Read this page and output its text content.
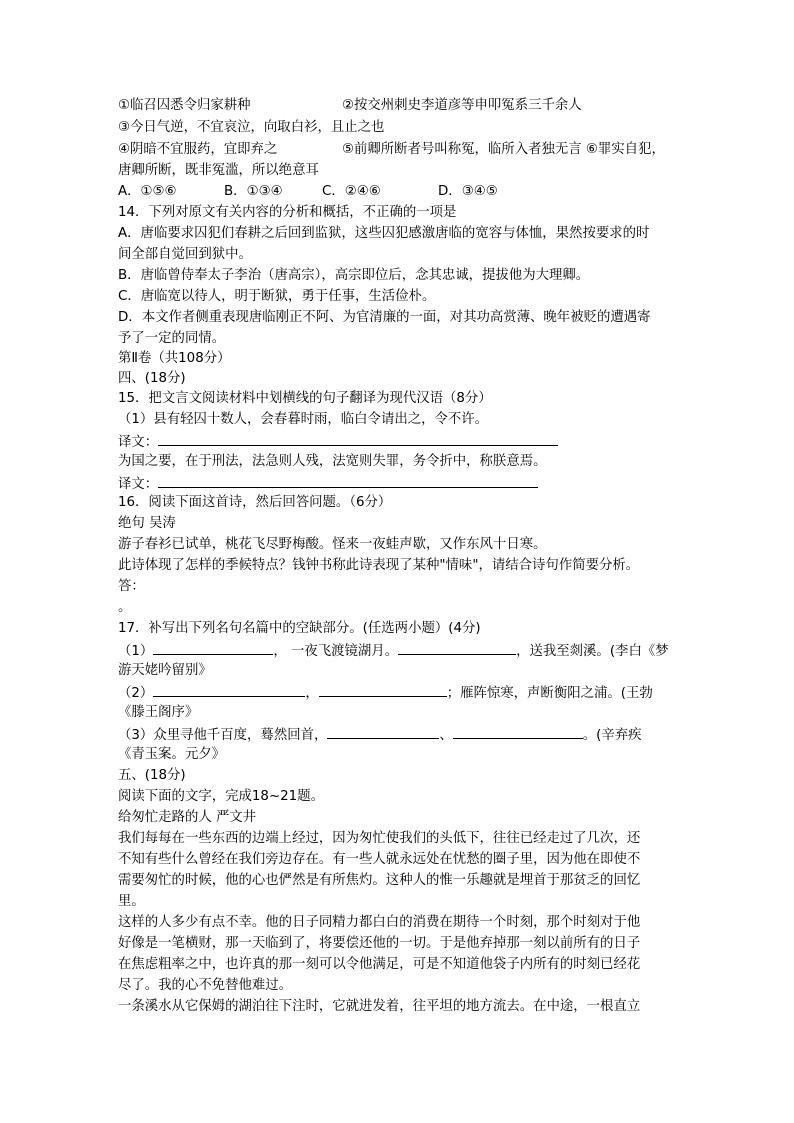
①临召囚悉令归家耕种	②按交州刺史李道彦等申叩冤系三千余人
③今日气逆，不宜哀泣，向取白衫，且止之也
④阴暗不宜服药，宜即弃之	⑤前卿所断者号叫称冤，临所入者独无言 ⑥罪实自犯，
唐卿所断，既非冤滥，所以绝意耳
A．①⑤⑥	B．①③④	C．②④⑥	D．③④⑤
14．下列对原文有关内容的分析和概括，不正确的一项是
A．唐临要求囚犯们春耕之后回到监狱，这些囚犯感激唐临的宽容与体恤，果然按要求的时
间全部自觉回到狱中。
B．唐临曾侍奉太子李治（唐高宗），高宗即位后，念其忠诚，提拔他为大理卿。
C．唐临宽以待人，明于断狱，勇于任事，生活俭朴。
D．本文作者侧重表现唐临刚正不阿、为官清廉的一面，对其功高赏薄、晚年被贬的遭遇寄
予了一定的同情。
第Ⅱ卷（共108分）
四、(18分)
15．把文言文阅读材料中划横线的句子翻译为现代汉语（8分）
（1）县有轻囚十数人，会春暮时雨，临白令请出之，令不许。
译文：
为国之要，在于刑法，法急则人残，法宽则失罪，务令折中，称朕意焉。
译文：
16．阅读下面这首诗，然后回答问题。（6分）
绝句 吴涛
游子春衫已试单，桃花飞尽野梅酸。怪来一夜蛙声歇，又作东风十日寒。
此诗体现了怎样的季候特点？钱钟书称此诗表现了某种"情味"，请结合诗句作简要分析。
答：
。
17．补写出下列名句名篇中的空缺部分。(任选两小题）(4分)
（1）	， 一夜飞渡镜湖月。	，送我至剡溪。(李白《梦
游天姥吟留别》
（2）	，	；雁阵惊寒，声断衡阳之浦。(王勃
《滕王阁序》
（3）众里寻他千百度，蓦然回首，	、	。(辛弃疾
《青玉案。元夕》
五、(18分)
阅读下面的文字，完成18~21题。
给匆忙走路的人 严文井
我们每每在一些东西的边端上经过，因为匆忙使我们的头低下，往往已经走过了几次，还
不知有些什么曾经在我们旁边存在。有一些人就永远处在忧愁的圈子里，因为他在即使不
需要匆忙的时候，他的心也俨然是有所焦灼。这种人的惟一乐趣就是埋首于那贫乏的回忆
里。
这样的人多少有点不幸。他的日子同精力都白白的消费在期待一个时刻，那个时刻对于他
好像是一笔横财，那一天临到了，将要偿还他的一切。于是他弃掉那一刻以前所有的日子
在焦虑粗率之中，也许真的那一刻可以令他满足，可是不知道他袋子内所有的时刻已经花
尽了。我的心不免替他难过。
一条溪水从它保姆的湖泊往下注时，它就进发着，往平坦的地方流去。在中途，一根直立
